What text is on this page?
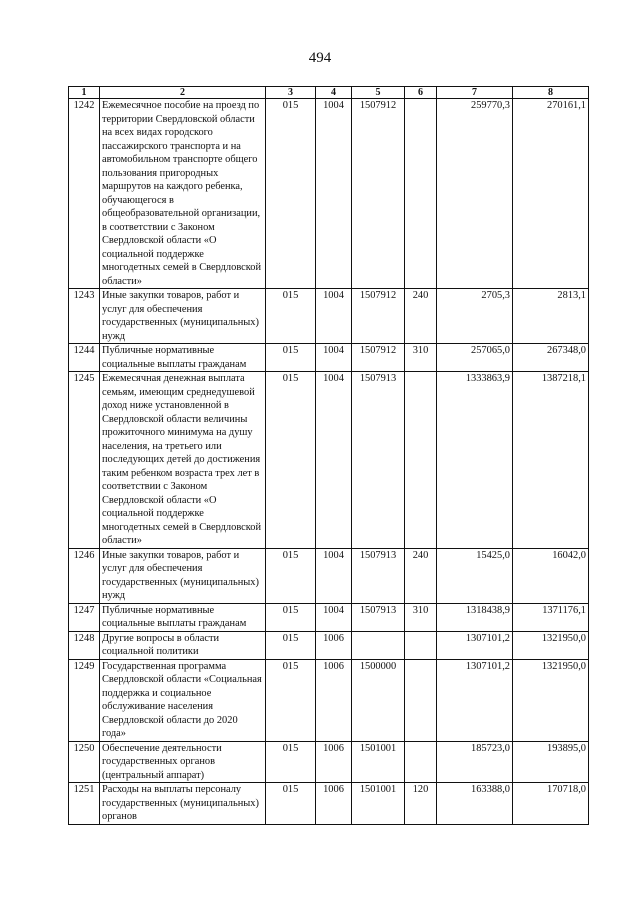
494
1	2	3	4	5	6	7	8
1242	Ежемесячное пособие на проезд по территории Свердловской области на всех видах городского пассажирского транспорта и на автомобильном транспорте общего пользования пригородных маршрутов на каждого ребенка, обучающегося в общеобразовательной организации, в соответствии с Законом Свердловской области «О социальной поддержке многодетных семей в Свердловской области»	015	1004	1507912		259770,3	270161,1
1243	Иные закупки товаров, работ и услуг для обеспечения государственных (муниципальных) нужд	015	1004	1507912	240	2705,3	2813,1
1244	Публичные нормативные социальные выплаты гражданам	015	1004	1507912	310	257065,0	267348,0
1245	Ежемесячная денежная выплата семьям, имеющим среднедушевой доход ниже установленной в Свердловской области величины прожиточного минимума на душу населения, на третьего или последующих детей до достижения таким ребенком возраста трех лет в соответствии с Законом Свердловской области «О социальной поддержке многодетных семей в Свердловской области»	015	1004	1507913		1333863,9	1387218,1
1246	Иные закупки товаров, работ и услуг для обеспечения государственных (муниципальных) нужд	015	1004	1507913	240	15425,0	16042,0
1247	Публичные нормативные социальные выплаты гражданам	015	1004	1507913	310	1318438,9	1371176,1
1248	Другие вопросы в области социальной политики	015	1006			1307101,2	1321950,0
1249	Государственная программа Свердловской области «Социальная поддержка и социальное обслуживание населения Свердловской области до 2020 года»	015	1006	1500000		1307101,2	1321950,0
1250	Обеспечение деятельности государственных органов (центральный аппарат)	015	1006	1501001		185723,0	193895,0
1251	Расходы на выплаты персоналу государственных (муниципальных) органов	015	1006	1501001	120	163388,0	170718,0
